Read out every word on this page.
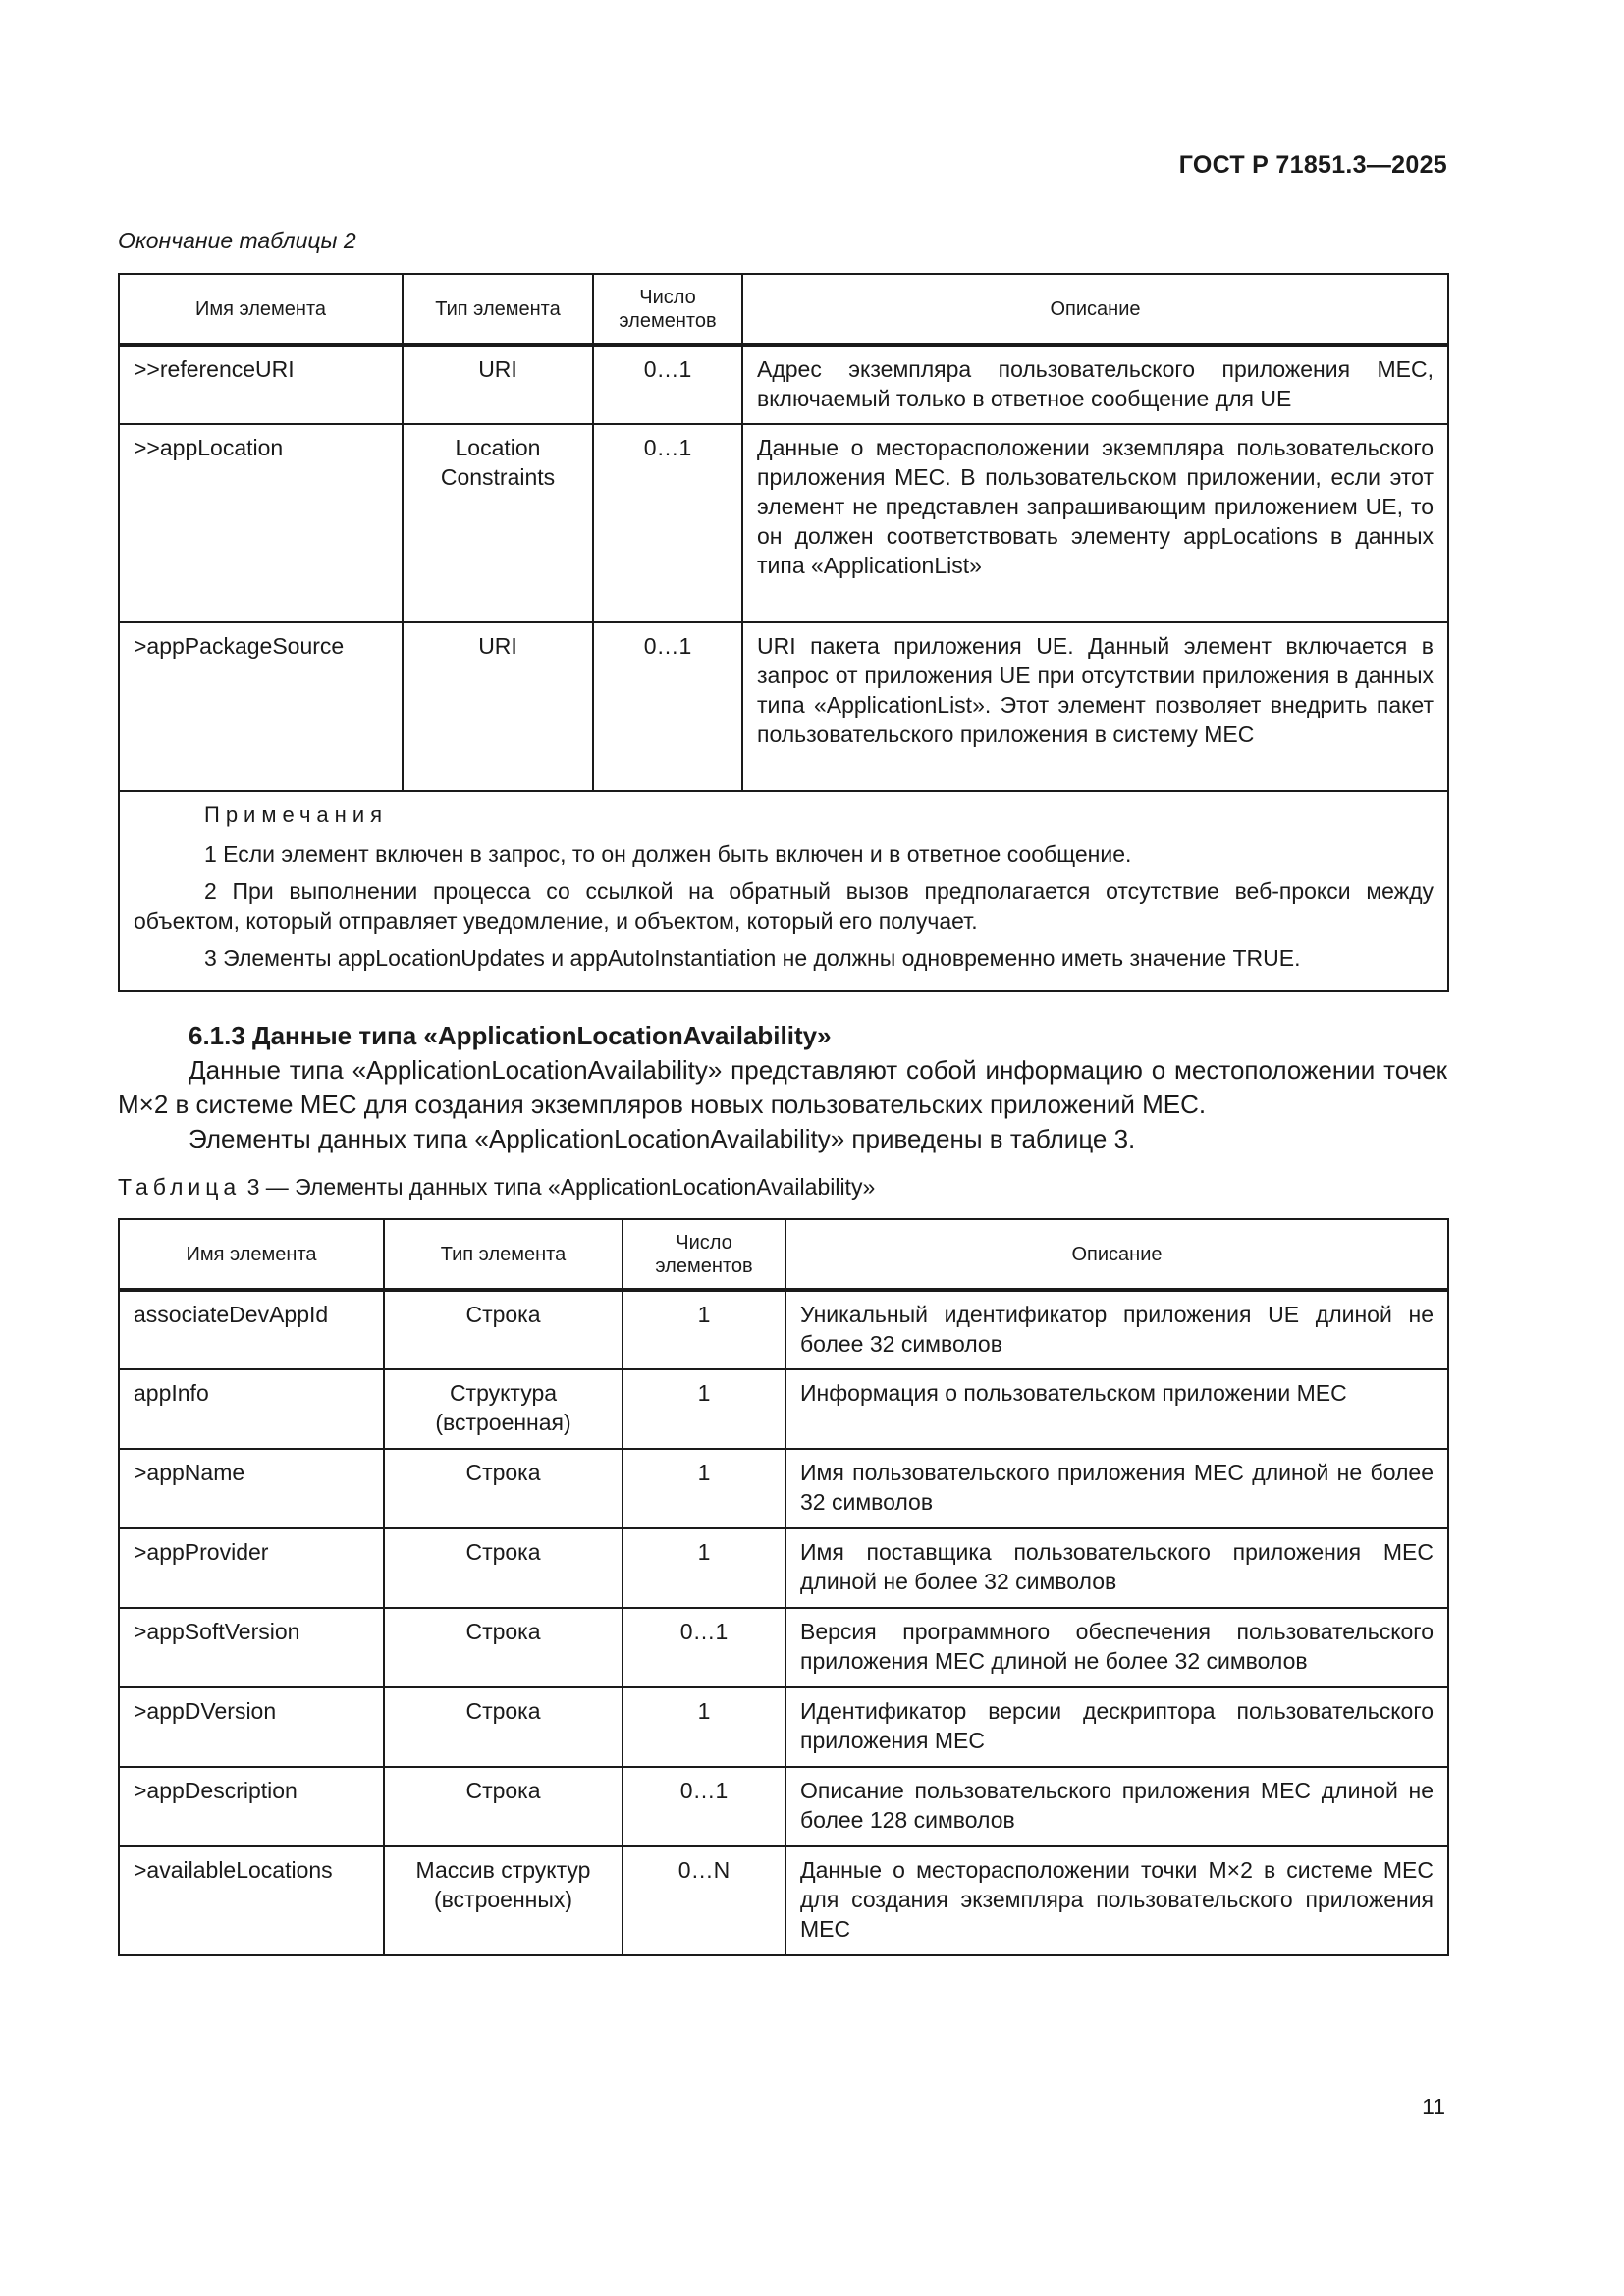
ГОСТ Р 71851.3—2025
Окончание таблицы 2
Имя элемента	Тип элемента	Число элементов	Описание
>>referenceURI	URI	0…1	Адрес экземпляра пользовательского приложения MEC, включаемый только в ответное сообщение для UE
>>appLocation	Location Constraints	0…1	Данные о месторасположении экземпляра пользовательского приложения MEC. В пользовательском приложении, если этот элемент не представлен запрашивающим приложением UE, то он должен соответствовать элементу appLocations в данных типа «ApplicationList»
>appPackageSource	URI	0…1	URI пакета приложения UE. Данный элемент включается в запрос от приложения UE при отсутствии приложения в данных типа «ApplicationList». Этот элемент позволяет внедрить пакет пользовательского приложения в систему MEC

Примечания
1 Если элемент включен в запрос, то он должен быть включен и в ответное сообщение.
2 При выполнении процесса со ссылкой на обратный вызов предполагается отсутствие веб-прокси между объектом, который отправляет уведомление, и объектом, который его получает.
3 Элементы appLocationUpdates и appAutoInstantiation не должны одновременно иметь значение TRUE.			
6.1.3 Данные типа «ApplicationLocationAvailability»

Данные типа «ApplicationLocationAvailability» представляют собой информацию о местоположении точек M×2 в системе MEC для создания экземпляров новых пользовательских приложений MEC.

Элементы данных типа «ApplicationLocationAvailability» приведены в таблице 3.

Таблица 3 — Элементы данных типа «ApplicationLocationAvailability»
Имя элемента	Тип элемента	Число элементов	Описание
associateDevAppId	Строка	1	Уникальный идентификатор приложения UE длиной не более 32 символов
appInfo	Структура (встроенная)	1	Информация о пользовательском приложении MEC
>appName	Строка	1	Имя пользовательского приложения MEC длиной не более 32 символов
>appProvider	Строка	1	Имя поставщика пользовательского приложения MEC длиной не более 32 символов
>appSoftVersion	Строка	0…1	Версия программного обеспечения пользовательского приложения MEC длиной не более 32 символов
>appDVersion	Строка	1	Идентификатор версии дескриптора пользовательского приложения MEC
>appDescription	Строка	0…1	Описание пользовательского приложения MEC длиной не более 128 символов
>availableLocations	Массив структур (встроенных)	0…N	Данные о месторасположении точки M×2 в системе MEC для создания экземпляра пользовательского приложения MEC
11
